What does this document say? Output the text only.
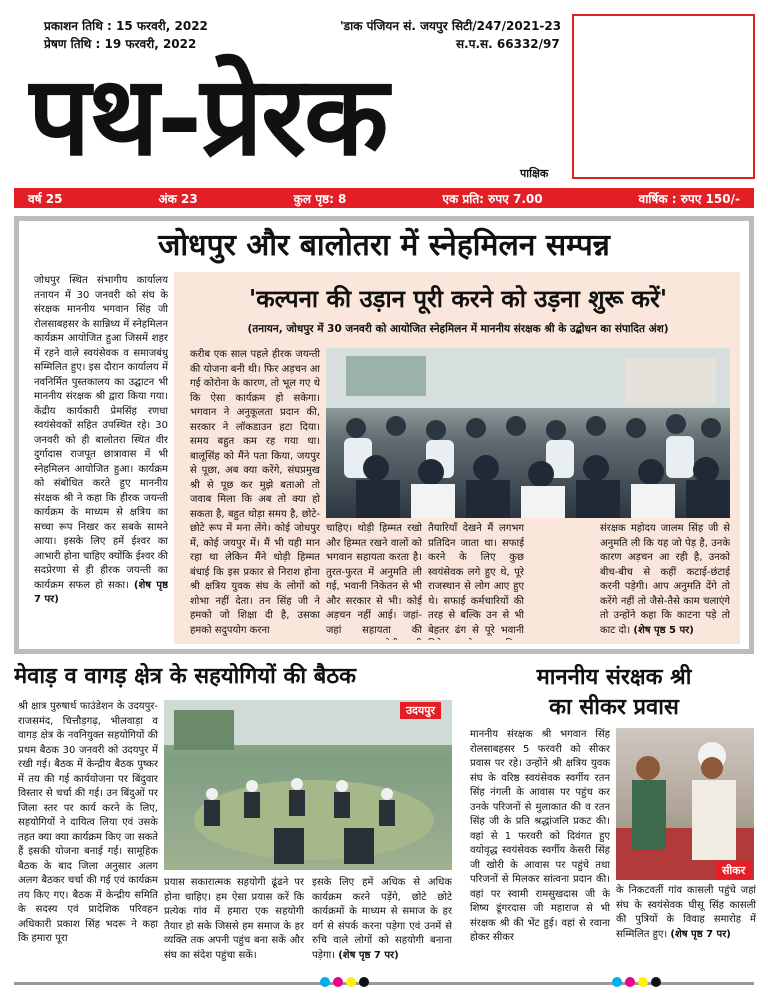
प्रकाशन तिथि : 15 फरवरी, 2022
प्रेषण तिथि : 19 फरवरी, 2022
'डाक पंजियन सं. जयपुर सिटी/247/2021-23
स.प.स. 66332/97
पथ-प्रेरक	पाक्षिक
वर्ष 25	अंक 23	कुल पृष्ठ: 8	एक प्रति: रुपए 7.00	वार्षिक : रुपए 150/-
जोधपुर और बालोतरा में स्नेहमिलन सम्पन्न
जोधपुर स्थित संभागीय कार्यालय तनायन में 30 जनवरी को संघ के संरक्षक माननीय भगवान सिंह जी रोलसाबहसर के सान्निध्य में स्नेहमिलन कार्यक्रम आयोजित हुआ जिसमें शहर में रहने वाले स्वयंसेवक व समाजबंधु सम्मिलित हुए। इस दौरान कार्यालय में नवनिर्मित पुस्तकालय का उद्घाटन भी माननीय संरक्षक श्री द्वारा किया गया। केंद्रीय कार्यकारी प्रेमसिंह रणधा स्वयंसेवकों सहित उपस्थित रहे। 30 जनवरी को ही बालोतरा स्थित वीर दुर्गादास राजपूत छात्रावास में भी स्नेहमिलन आयोजित हुआ। कार्यक्रम को संबोधित करते हुए माननीय संरक्षक श्री ने कहा कि हीरक जयन्ती कार्यक्रम के माध्यम से क्षत्रिय का सच्चा रूप निखर कर सबके सामने आया। इसके लिए हमें ईश्वर का आभारी होना चाहिए क्योंकि ईश्वर की सदप्रेरणा से ही हीरक जयन्ती का कार्यक्रम सफल हो सका। (शेष पृष्ठ 7 पर)
'कल्पना की उड़ान पूरी करने को उड़ना शुरू करें'
(तनायन, जोधपुर में 30 जनवरी को आयोजित स्नेहमिलन में माननीय संरक्षक श्री के उद्बोधन का संपादित अंश)
करीब एक साल पहले हीरक जयन्ती की योजना बनी थी। फिर अड़चन आ गई कोरोना के कारण, तो भूल गए थे कि ऐसा कार्यक्रम हो सकेगा। भगवान ने अनुकूलता प्रदान की, सरकार ने लॉकडाउन हटा दिया। समय बहुत कम रह गया था। बालूसिंह को मैंने पता किया, जयपुर से पूछा, अब क्या करेंगे, संघप्रमुख श्री से पूछ कर मुझे बताओ तो जवाब मिला कि अब तो क्या हो सकता है, बहुत थोड़ा समय है, छोटे-छोटे रूप में मना लेंगे। कोई जोधपुर में, कोई जयपुर में। मैं भी यही मान रहा था लेकिन मैंने थोड़ी हिम्मत बंधाई कि इस प्रकार से निराश होना श्री क्षत्रिय युवक संघ के लोगों को शोभा नहीं देता। तन सिंह जी ने हमको जो शिक्षा दी है, उसका हमको सदुपयोग करना
चाहिए। थोड़ी हिम्मत रखो और हिम्मत रखने वालों को भगवान सहायता करता है। तुरत-फुरत में अनुमति ली गई, भवानी निकेतन से भी और सरकार से भी। कोई अड़चन नहीं आई। जहां-जहां सहायता की
तैयारियाँ देखने मैं लगभग प्रतिदिन जाता था। सफाई करने के लिए कुछ स्वयंसेवक लगे हुए थे, पूरे राजस्थान से लोग आए हुए थे। सफाई कर्मचारियों की तरह से बल्कि उन से भी बेहतर ढंग से पूरे भवानी
संरक्षक महोदय जालम सिंह जी से अनुमति ली कि यह जो पेड़ है, उनके कारण अड़चन आ रही है, उनको बीच-बीच से कहीं कटाई-छंटाई करनी पड़ेगी। आप अनुमति देंगे तो करेंगे नहीं तो जैसे-तैसे काम चलाएंगे तो उन्होंने कहा कि काटना पड़े तो काट दो। (शेष पृष्ठ 5 पर)
मेवाड़ व वागड़ क्षेत्र के सहयोगियों की बैठक
श्री क्षात्र पुरुषार्थ फाउंडेशन के उदयपुर- राजसमंद, चित्तौड़गढ़, भीलवाड़ा व वागड़ क्षेत्र के नवनियुक्त सहयोगियों की प्रथम बैठक 30 जनवरी को उदयपुर में रखी गई। बैठक में केन्द्रीय बैठक पुष्कर में तय की गई कार्ययोजना पर बिंदुवार विस्तार से चर्चा की गई। उन बिंदुओं पर जिला स्तर पर कार्य करने के लिए, सहयोगियों ने दायित्व लिया एवं उसके तहत क्या क्या कार्यक्रम किए जा सकते हैं इसकी योजना बनाई गई। सामूहिक बैठक के बाद जिला अनुसार अलग अलग बैठकर चर्चा की गई एवं कार्यक्रम तय किए गए। बैठक में केन्द्रीय समिति के सदस्य एवं प्रादेशिक परिवहन अधिकारी प्रकाश सिंह भदरू ने कहा कि हमारा पूरा
उदयपुर
प्रयास सकारात्मक सहयोगी ढूंढने पर होना चाहिए। हम ऐसा प्रयास करें कि प्रत्येक गांव में हमारा एक सहयोगी तैयार हो सके जिससे हम समाज के हर व्यक्ति तक अपनी पहुंच बना सकें और संघ का संदेश पहुंचा सकें।
इसके लिए हमें अधिक से अधिक कार्यक्रम करने पड़ेंगे, छोटे छोटे कार्यक्रमों के माध्यम से समाज के हर वर्ग से संपर्क करना पड़ेगा एवं उनमें से रुचि वाले लोगों को सहयोगी बनाना पड़ेगा। (शेष पृष्ठ 7 पर)
माननीय संरक्षक श्री
का सीकर प्रवास
माननीय संरक्षक श्री भगवान सिंह रोलसाबहसर 5 फरवरी को सीकर प्रवास पर रहे। उन्होंने श्री क्षत्रिय युवक संघ के वरिष्ठ स्वयंसेवक स्वर्गीय रतन सिंह नंगली के आवास पर पहुंच कर उनके परिजनों से मुलाकात की व रतन सिंह जी के प्रति श्रद्धांजलि प्रकट की। वहां से 1 फरवरी को दिवंगत हुए वयोवृद्ध स्वयंसेवक स्वर्गीय केसरी सिंह जी खोरी के आवास पर पहुंचे तथा परिजनों से मिलकर सांत्वना प्रदान की। वहां पर स्वामी रामसुखदास जी के शिष्य डूंगरदास जी महाराज से भी संरक्षक श्री की भेंट हुई। वहां से रवाना होकर सीकर
सीकर
के निकटवर्ती गांव कासली पहुंचे जहां संघ के स्वयंसेवक घीसू सिंह कासली की पुत्रियों के विवाह समारोह में सम्मिलित हुए। (शेष पृष्ठ 7 पर)
